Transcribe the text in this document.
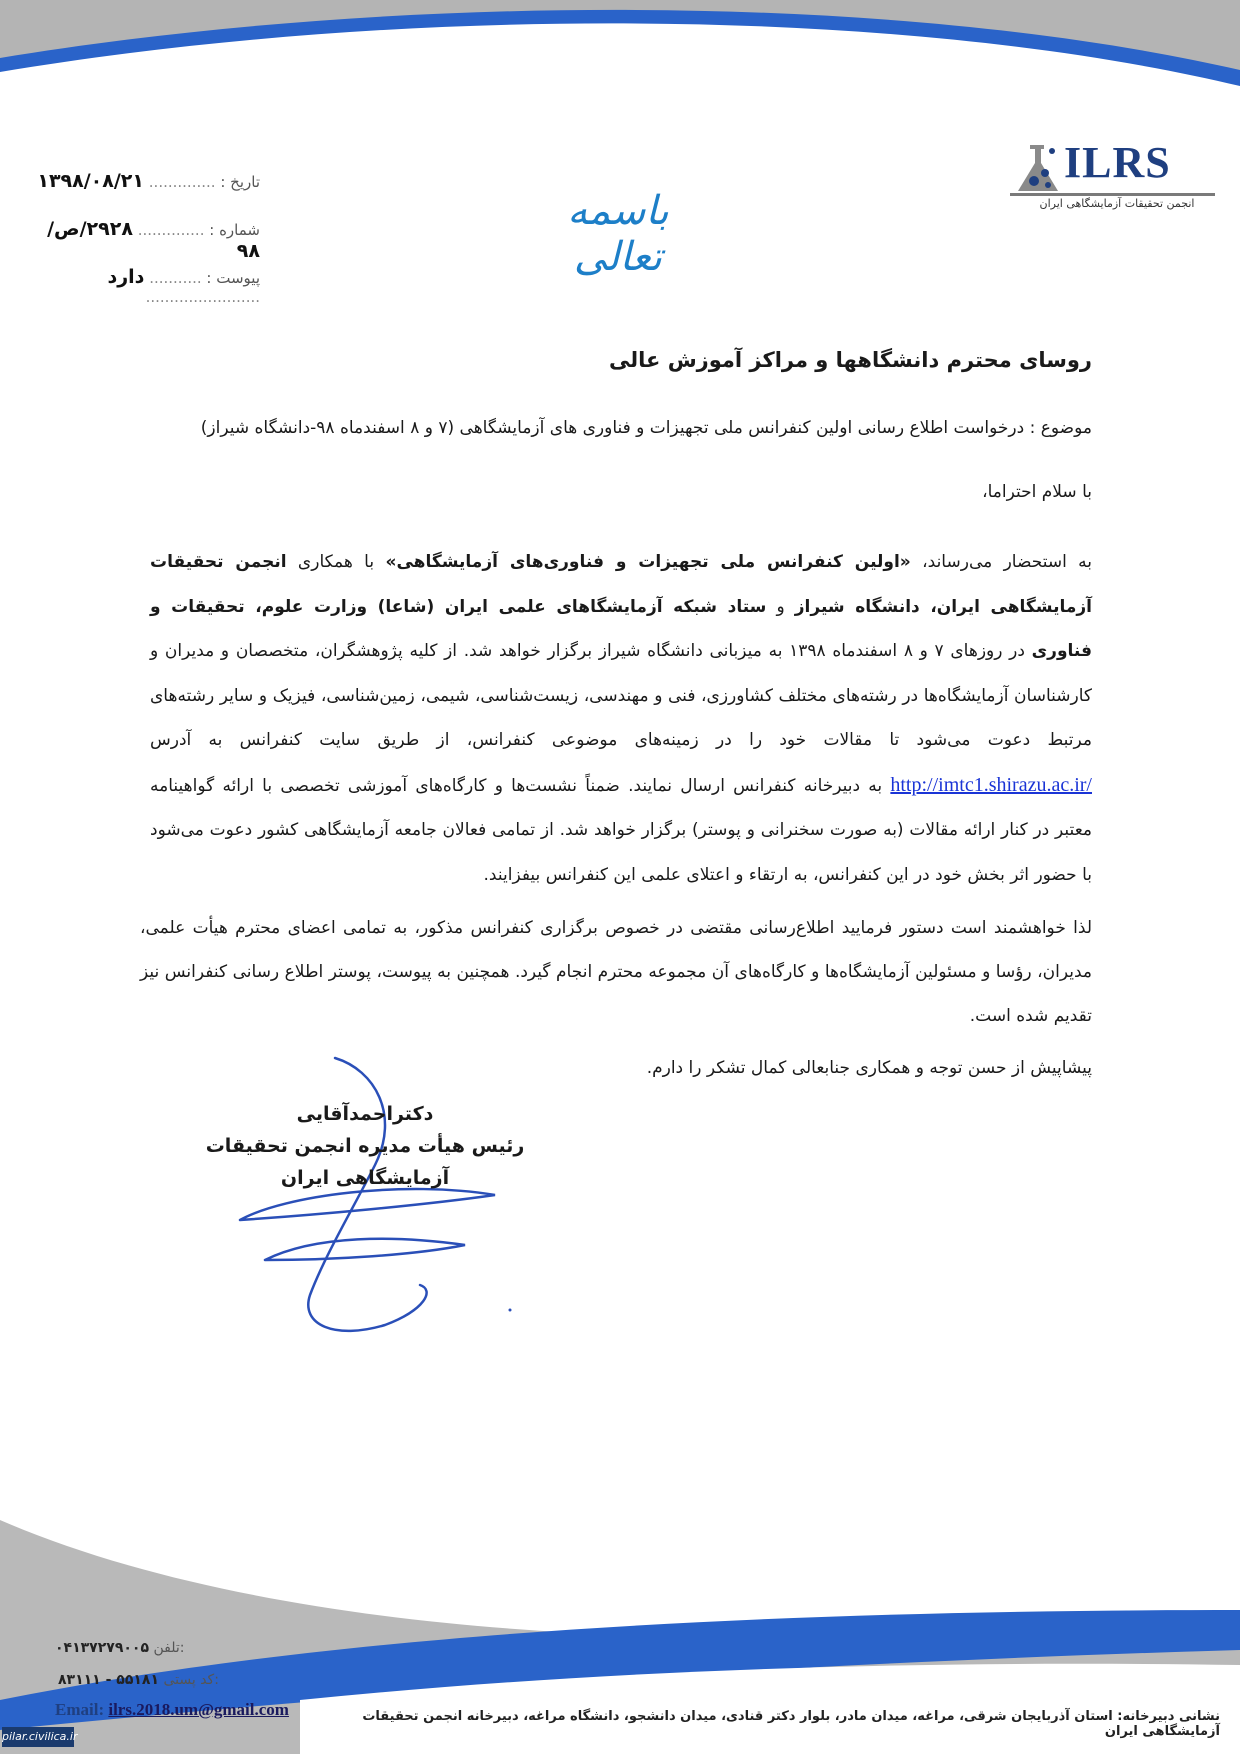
ILRS
انجمن تحقیقات آزمایشگاهی ایران
باسمه تعالی
تاریخ : .............. ۱۳۹۸/۰۸/۲۱
شماره : .............. ۲۹۲۸/ص/۹۸
پیوست : ........... دارد ........................
روسای محترم دانشگاهها و مراکز آموزش عالی
موضوع : درخواست اطلاع رسانی اولین کنفرانس ملی تجهیزات و فناوری های آزمایشگاهی (۷ و ۸ اسفندماه ۹۸-دانشگاه شیراز)
با سلام احتراما،
به استحضار می‌رساند، «اولین کنفرانس ملی تجهیزات و فناوری‌های آزمایشگاهی» با همکاری انجمن تحقیقات آزمایشگاهی ایران، دانشگاه شیراز و ستاد شبکه آزمایشگاهای علمی ایران (شاعا) وزارت علوم، تحقیقات و فناوری در روزهای ۷ و ۸ اسفندماه ۱۳۹۸ به میزبانی دانشگاه شیراز برگزار خواهد شد. از کلیه پژوهشگران، متخصصان و مدیران و کارشناسان آزمایشگاه‌ها در رشته‌های مختلف کشاورزی، فنی و مهندسی، زیست‌شناسی، شیمی، زمین‌شناسی، فیزیک و سایر رشته‌های مرتبط دعوت می‌شود تا مقالات خود را در زمینه‌های موضوعی کنفرانس، از طریق سایت کنفرانس به آدرس http://imtc1.shirazu.ac.ir/ به دبیرخانه کنفرانس ارسال نمایند. ضمناً نشست‌ها و کارگاه‌های آموزشی تخصصی با ارائه گواهینامه معتبر در کنار ارائه مقالات (به صورت سخنرانی و پوستر) برگزار خواهد شد. از تمامی فعالان جامعه آزمایشگاهی کشور دعوت می‌شود با حضور اثر بخش خود در این کنفرانس، به ارتقاء و اعتلای علمی این کنفرانس بیفزایند.
لذا خواهشمند است دستور فرمایید اطلاع‌رسانی مقتضی در خصوص برگزاری کنفرانس مذکور، به تمامی اعضای محترم هیأت علمی، مدیران، رؤسا و مسئولین آزمایشگاه‌ها و کارگاه‌های آن مجموعه محترم انجام گیرد. همچنین به پیوست، پوستر اطلاع رسانی کنفرانس نیز تقدیم شده است.
پیشاپیش از حسن توجه و همکاری جنابعالی کمال تشکر را دارم.
دکتراحمدآقایی
رئیس هیأت مدیره انجمن تحقیقات
آزمایشگاهی ایران
۰۴۱۳۷۲۷۹۰۰۵ تلفن:
۸۳۱۱۱ - ۵۵۱۸۱ کد پستی:
Email: ilrs.2018.um@gmail.com	نشانی دبیرخانه: استان آذربایجان شرقی، مراغه، میدان مادر، بلوار دکتر قنادی، میدان دانشجو، دانشگاه مراغه، دبیرخانه انجمن تحقیقات آزمایشگاهی ایران
pilar.civilica.ir
